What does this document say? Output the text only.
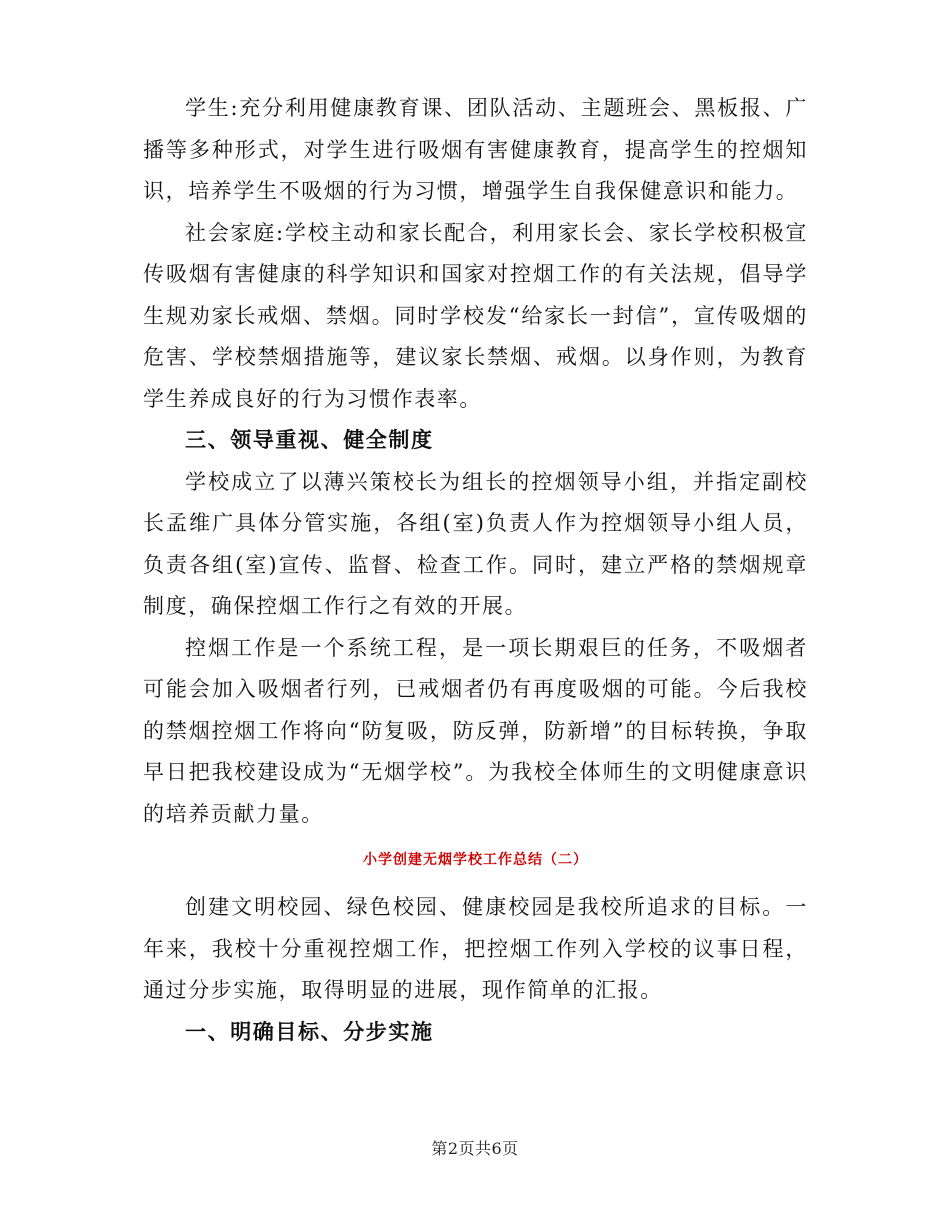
学生:充分利用健康教育课、团队活动、主题班会、黑板报、广播等多种形式，对学生进行吸烟有害健康教育，提高学生的控烟知识，培养学生不吸烟的行为习惯，增强学生自我保健意识和能力。

社会家庭:学校主动和家长配合，利用家长会、家长学校积极宣传吸烟有害健康的科学知识和国家对控烟工作的有关法规，倡导学生规劝家长戒烟、禁烟。同时学校发“给家长一封信”，宣传吸烟的危害、学校禁烟措施等，建议家长禁烟、戒烟。以身作则，为教育学生养成良好的行为习惯作表率。

三、领导重视、健全制度

学校成立了以薄兴策校长为组长的控烟领导小组，并指定副校长孟维广具体分管实施，各组(室)负责人作为控烟领导小组人员，负责各组(室)宣传、监督、检查工作。同时，建立严格的禁烟规章制度，确保控烟工作行之有效的开展。

控烟工作是一个系统工程，是一项长期艰巨的任务，不吸烟者可能会加入吸烟者行列，已戒烟者仍有再度吸烟的可能。今后我校的禁烟控烟工作将向“防复吸，防反弹，防新增”的目标转换，争取早日把我校建设成为“无烟学校”。为我校全体师生的文明健康意识的培养贡献力量。

小学创建无烟学校工作总结（二）

创建文明校园、绿色校园、健康校园是我校所追求的目标。一年来，我校十分重视控烟工作，把控烟工作列入学校的议事日程，通过分步实施，取得明显的进展，现作简单的汇报。

一、明确目标、分步实施

第2页共6页
